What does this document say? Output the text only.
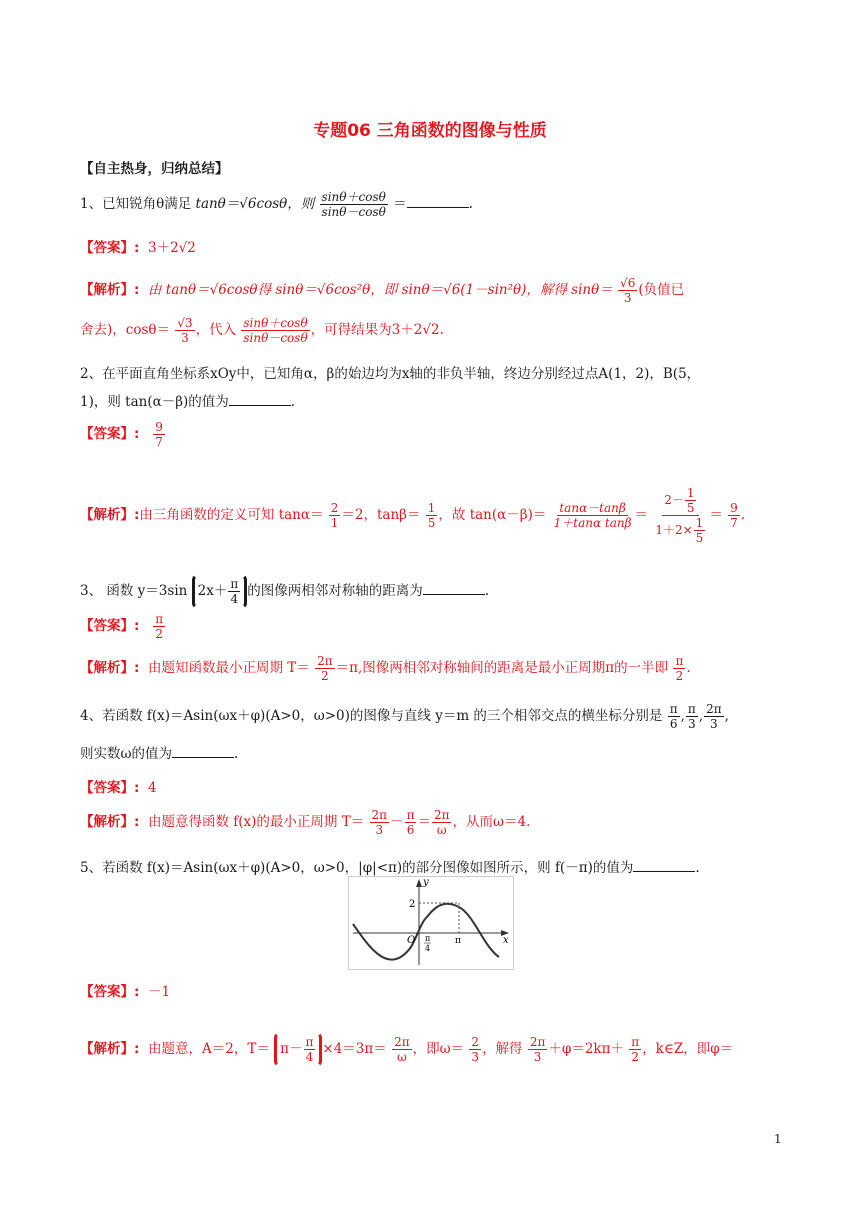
专题06 三角函数的图像与性质
【自主热身，归纳总结】
1、已知锐角θ满足 tanθ＝√6cosθ，则 $\frac{\sin\theta+\cos\theta}{\sin\theta-\cos\theta}$ ＝	.
【答案】: 3＋2√2
【解析】: 由 tanθ＝√6cosθ得 sinθ＝√6cos²θ，即 sinθ＝√6(1－sin²θ)，解得 $\sin\theta= \frac{√6}{3}$ (负值已
舍去)，$\cos\theta= \frac{√3}{3}$ ，代入 $\frac{\sin\theta+\cos\theta}{\sin\theta-\cos\theta}$ ，可得结果为3＋2√2.
2、在平面直角坐标系xOy中，已知角α，β的始边均为x轴的非负半轴，终边分别经过点A(1，2)，B(5，
1)，则 tan(α－β)的值为	.
【答案】: $\frac{9}{7}$
【解析】:由三角函数的定义可知 $\tan\alpha= \frac{2}{1} =2$，$\tan\beta= \frac{1}{5}$ ，故 $\tan(\alpha-\beta)= \frac{\tan\alpha-\tan\beta}{\text{1＋tanα tanβ}} = \frac{2- \frac{1}{5}}{1+2\times \frac{1}{5}} = \frac{9}{7}$ .
3、 函数 y＝3sin $2x+ \frac{\pi}{4}$ 的图像两相邻对称轴的距离为	.
【答案】: $\frac{\pi}{2}$
【解析】: 由题知函数最小正周期 $T= \frac{2\pi}{2} =\pi$,图像两相邻对称轴间的距离是最小正周期π的一半即 $\frac{\pi}{2}$ .
4、若函数 f(x)＝Asin(ωx＋φ)(A>0，ω>0)的图像与直线 y＝m 的三个相邻交点的横坐标分别是 $\frac{\pi}{6}$ , $\frac{\pi}{3}$ , $\frac{2\pi}{3}$ ,
则实数ω的值为	.
【答案】: 4
【解析】: 由题意得函数 f(x)的最小正周期 $T= \frac{2\pi}{3} - \frac{\pi}{6} = \frac{2\pi}{\omega}$ ，从而ω＝4.
5、若函数 f(x)＝Asin(ωx＋φ)(A>0，ω>0，|φ|<π)的部分图像如图所示，则 f(－π)的值为	.
y
2
O π
4
π	x
【答案】: －1
【解析】: 由题意，A＝2，$T= \pi- \frac{\pi}{4} \times 4=3\pi= \frac{2\pi}{\omega}$ ，即$\omega= \frac{2}{3}$ ，解得 $\frac{2\pi}{3} +\varphi=2k\pi+ \frac{\pi}{2}$ ，k∈Z，即φ＝
1
